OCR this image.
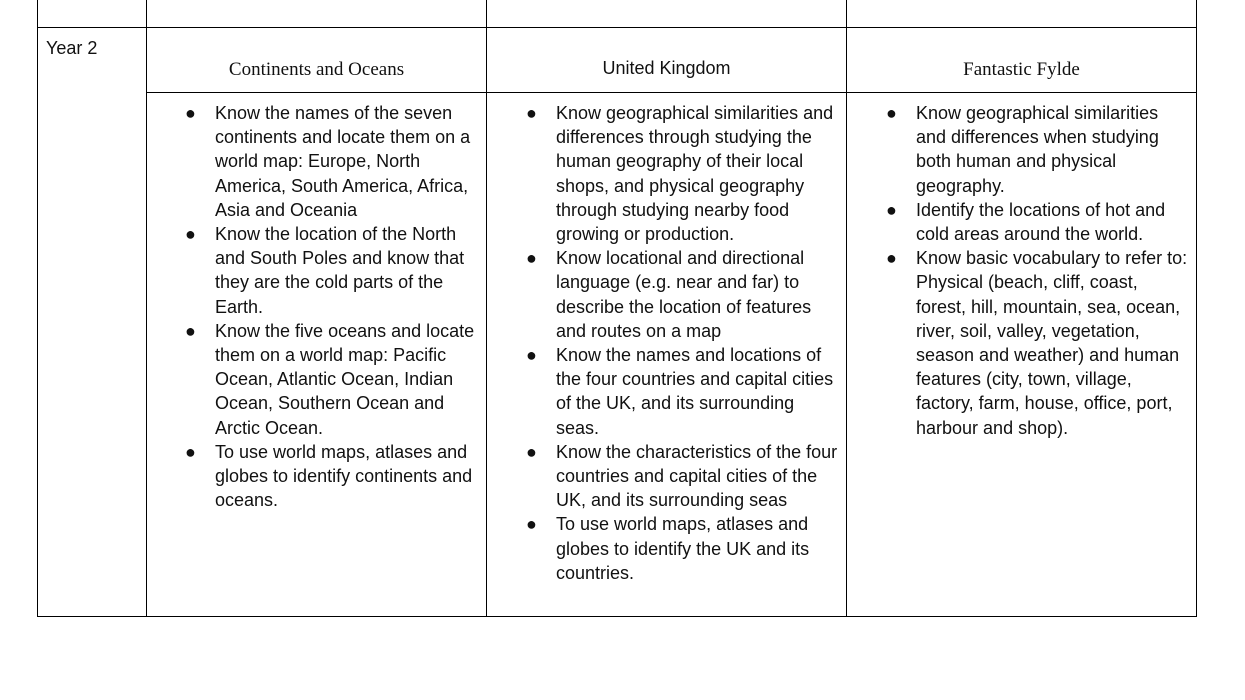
Year 2
Continents and Oceans	United Kingdom	Fantastic Fylde
● Know the names of the seven continents and locate them on a world map: Europe, North America, South America, Africa, Asia and Oceania
● Know the location of the North and South Poles and know that they are the cold parts of the Earth.
● Know the five oceans and locate them on a world map: Pacific Ocean, Atlantic Ocean, Indian Ocean, Southern Ocean and Arctic Ocean.
● To use world maps, atlases and globes to identify continents and oceans.
● Know geographical similarities and differences through studying the human geography of their local shops, and physical geography through studying nearby food growing or production.
● Know locational and directional language (e.g. near and far) to describe the location of features and routes on a map
● Know the names and locations of the four countries and capital cities of the UK, and its surrounding seas.
● Know the characteristics of the four countries and capital cities of the UK, and its surrounding seas
● To use world maps, atlases and globes to identify the UK and its countries.
● Know geographical similarities and differences when studying both human and physical geography.
● Identify the locations of hot and cold areas around the world.
● Know basic vocabulary to refer to: Physical (beach, cliff, coast, forest, hill, mountain, sea, ocean, river, soil, valley, vegetation, season and weather) and human features (city, town, village, factory, farm, house, office, port, harbour and shop).
